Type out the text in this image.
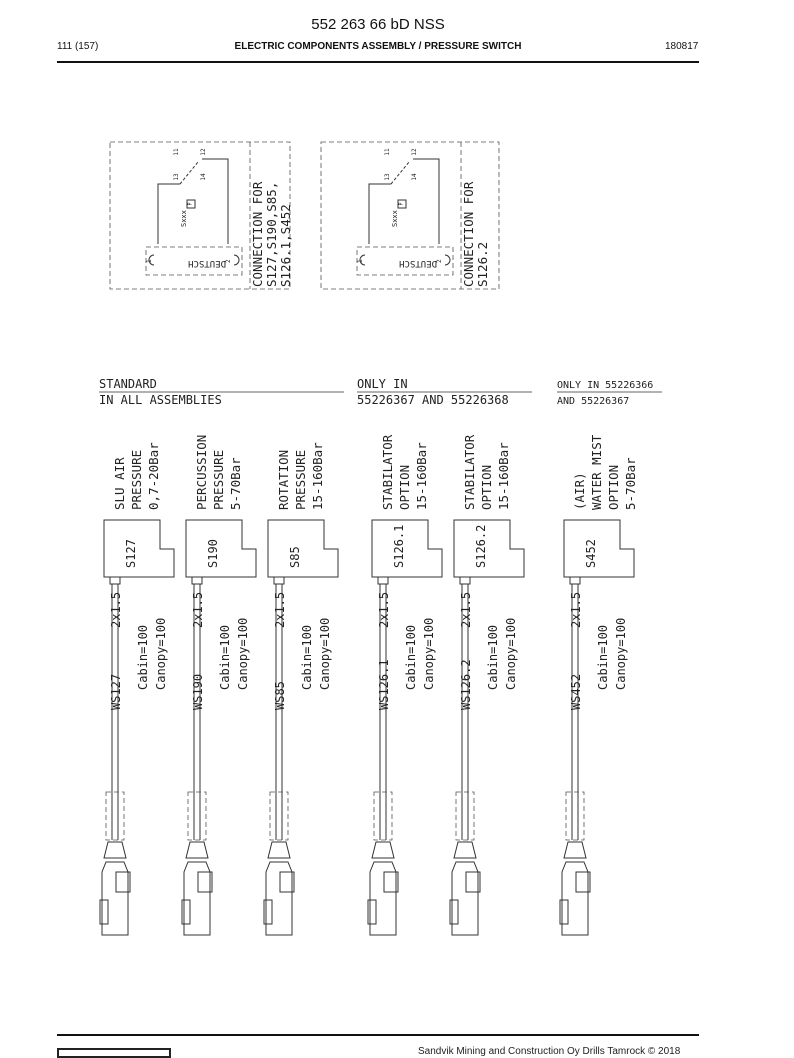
552 263 66 bD NSS
111 (157)	ELECTRIC COMPONENTS ASSEMBLY / PRESSURE SWITCH	180817
P
11	12
13	14
Sxxx
DEUTSCH
1	2 CONNECTION FOR S127,S190,S85, S126.1,S452
P
11	12
13	14
Sxxx
DEUTSCH
1	2 CONNECTION FOR S126.2
STANDARD
IN ALL ASSEMBLIES
ONLY IN
55226367 AND 55226368
ONLY IN 55226366
AND 55226367
SLU AIR PRESSURE 0,7-20Bar
S127
WS127
2x1.5
Cabin=100 Canopy=100
PERCUSSION PRESSURE 5-70Bar
S190
WS190
2x1.5
Cabin=100 Canopy=100
ROTATION PRESSURE 15-160Bar
S85
WS85
2x1.5
Cabin=100 Canopy=100
STABILATOR OPTION 15-160Bar
S126.1
WS126.1
2x1.5
Cabin=100 Canopy=100
STABILATOR OPTION 15-160Bar
S126.2
WS126.2
2x1.5
Cabin=100 Canopy=100
(AIR) WATER MIST OPTION 5-70Bar
S452
WS452
2x1.5
Cabin=100 Canopy=100
Sandvik Mining and Construction Oy Drills Tamrock © 2018
